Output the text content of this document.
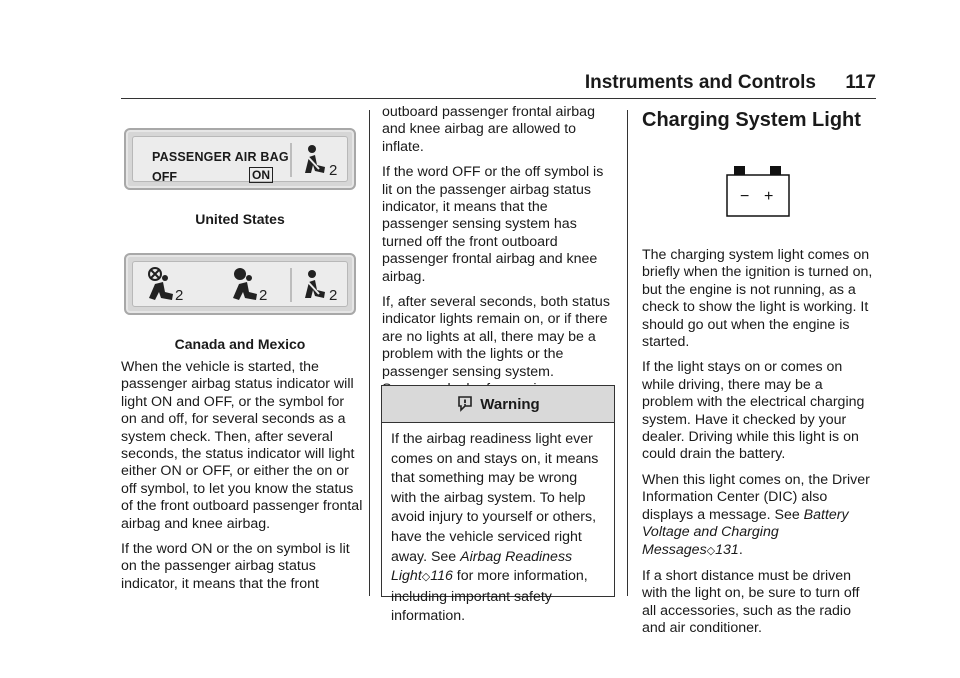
Instruments and Controls 117
PASSENGER AIR BAG
OFF	ON	2
United States
2	2	2
Canada and Mexico

When the vehicle is started, the passenger airbag status indicator will light ON and OFF, or the symbol for on and off, for several seconds as a system check. Then, after several seconds, the status indicator will light either ON or OFF, or either the on or off symbol, to let you know the status of the front outboard passenger frontal airbag and knee airbag.

If the word ON or the on symbol is lit on the passenger airbag status indicator, it means that the front

outboard passenger frontal airbag and knee airbag are allowed to inflate.

If the word OFF or the off symbol is lit on the passenger airbag status indicator, it means that the passenger sensing system has turned off the front outboard passenger frontal airbag and knee airbag.

If, after several seconds, both status indicator lights remain on, or if there are no lights at all, there may be a problem with the lights or the passenger sensing system.

Warning
If the airbag readiness light ever comes on and stays on, it means that something may be wrong with the airbag system. To help avoid injury to yourself or others, have the vehicle serviced right away. See Airbag Readiness Light◇116 for more information, including important safety information.
Charging System Light
− +

The charging system light comes on briefly when the ignition is turned on, but the engine is not running, as a check to show the light is working. It should go out when the engine is started.

If the light stays on or comes on while driving, there may be a problem with the electrical charging system. Have it checked by your dealer. Driving while this light is on could drain the battery.

When this light comes on, the Driver Information Center (DIC) also displays a message. See Battery Voltage and Charging Messages◇131.

If a short distance must be driven with the light on, be sure to turn off all accessories, such as the radio and air conditioner.
